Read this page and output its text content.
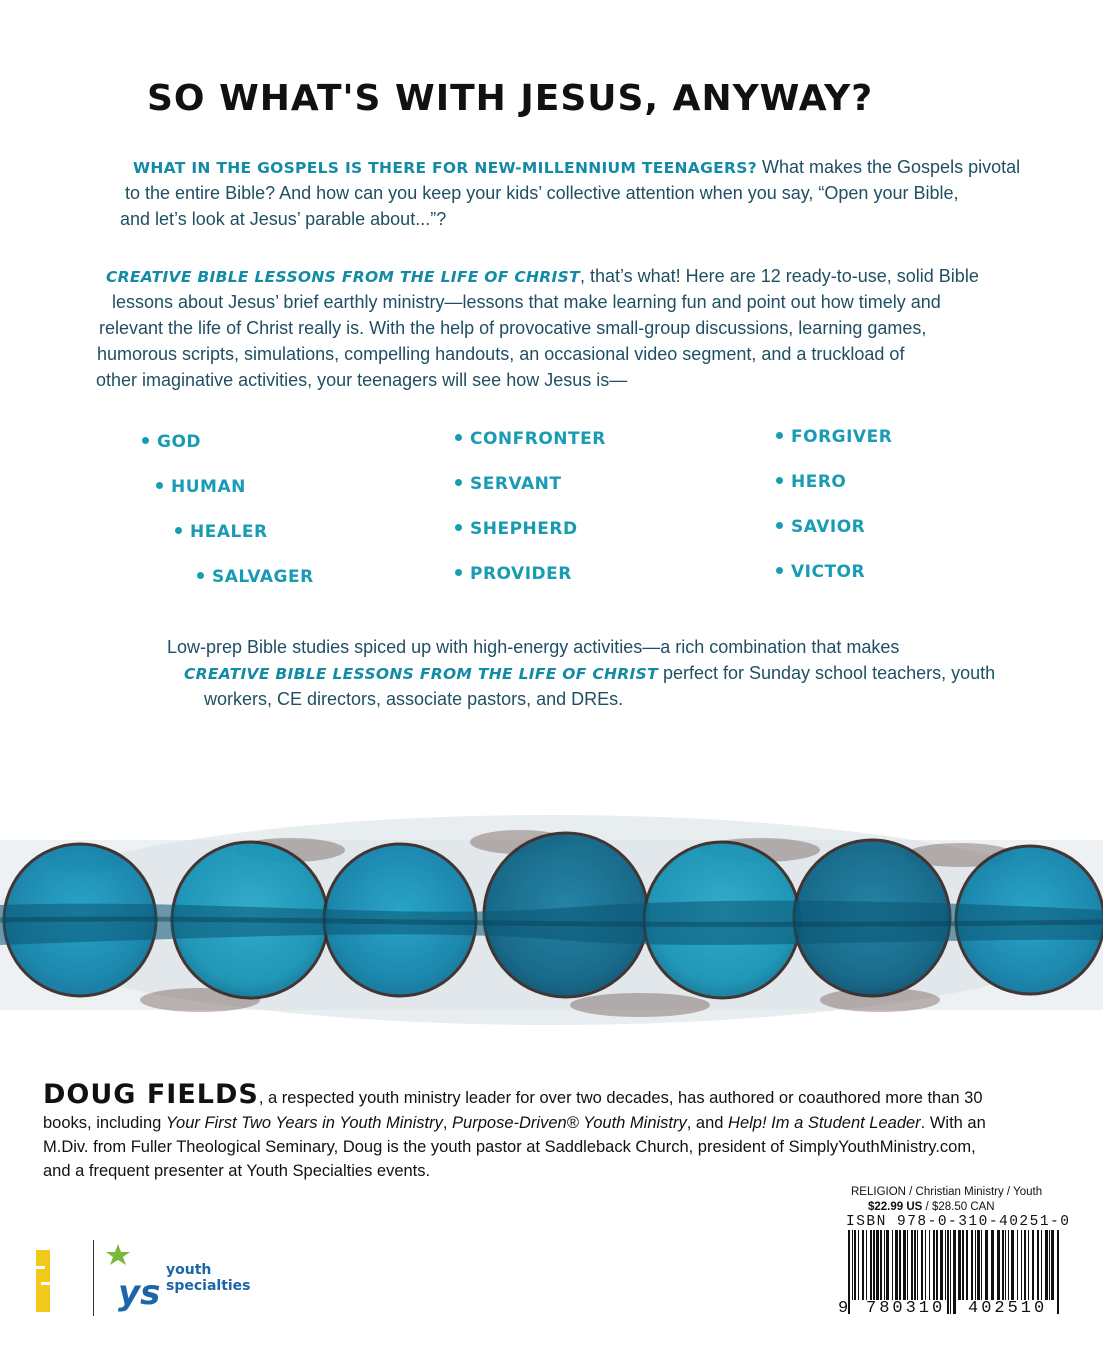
SO WHAT'S WITH JESUS, ANYWAY?
WHAT IN THE GOSPELS IS THERE FOR NEW-MILLENNIUM TEENAGERS? What makes the Gospels pivotal
to the entire Bible? And how can you keep your kids’ collective attention when you say, “Open your Bible,
and let’s look at Jesus’ parable about...”?
CREATIVE BIBLE LESSONS FROM THE LIFE OF CHRIST, that’s what! Here are 12 ready-to-use, solid Bible
lessons about Jesus’ brief earthly ministry—lessons that make learning fun and point out how timely and
relevant the life of Christ really is. With the help of provocative small-group discussions, learning games,
humorous scripts, simulations, compelling handouts, an occasional video segment, and a truckload of
other imaginative activities, your teenagers will see how Jesus is—
GOD
HUMAN
HEALER
SALVAGER
CONFRONTER
SERVANT
SHEPHERD
PROVIDER
FORGIVER
HERO
SAVIOR
VICTOR
Low-prep Bible studies spiced up with high-energy activities—a rich combination that makes
CREATIVE BIBLE LESSONS FROM THE LIFE OF CHRIST perfect for Sunday school teachers, youth
workers, CE directors, associate pastors, and DREs.
DOUG FIELDS, a respected youth ministry leader for over two decades, has authored or coauthored more than 30
books, including Your First Two Years in Youth Ministry, Purpose-Driven® Youth Ministry, and Help! Im a Student Leader. With an
M.Div. from Fuller Theological Seminary, Doug is the youth pastor at Saddleback Church, president of SimplyYouthMinistry.com,
and a frequent presenter at Youth Specialties events.
ys
youth
specialties
RELIGION / Christian Ministry / Youth
$22.99 US / $28.50 CAN
ISBN 978-0-310-40251-0
9 780310 402510
